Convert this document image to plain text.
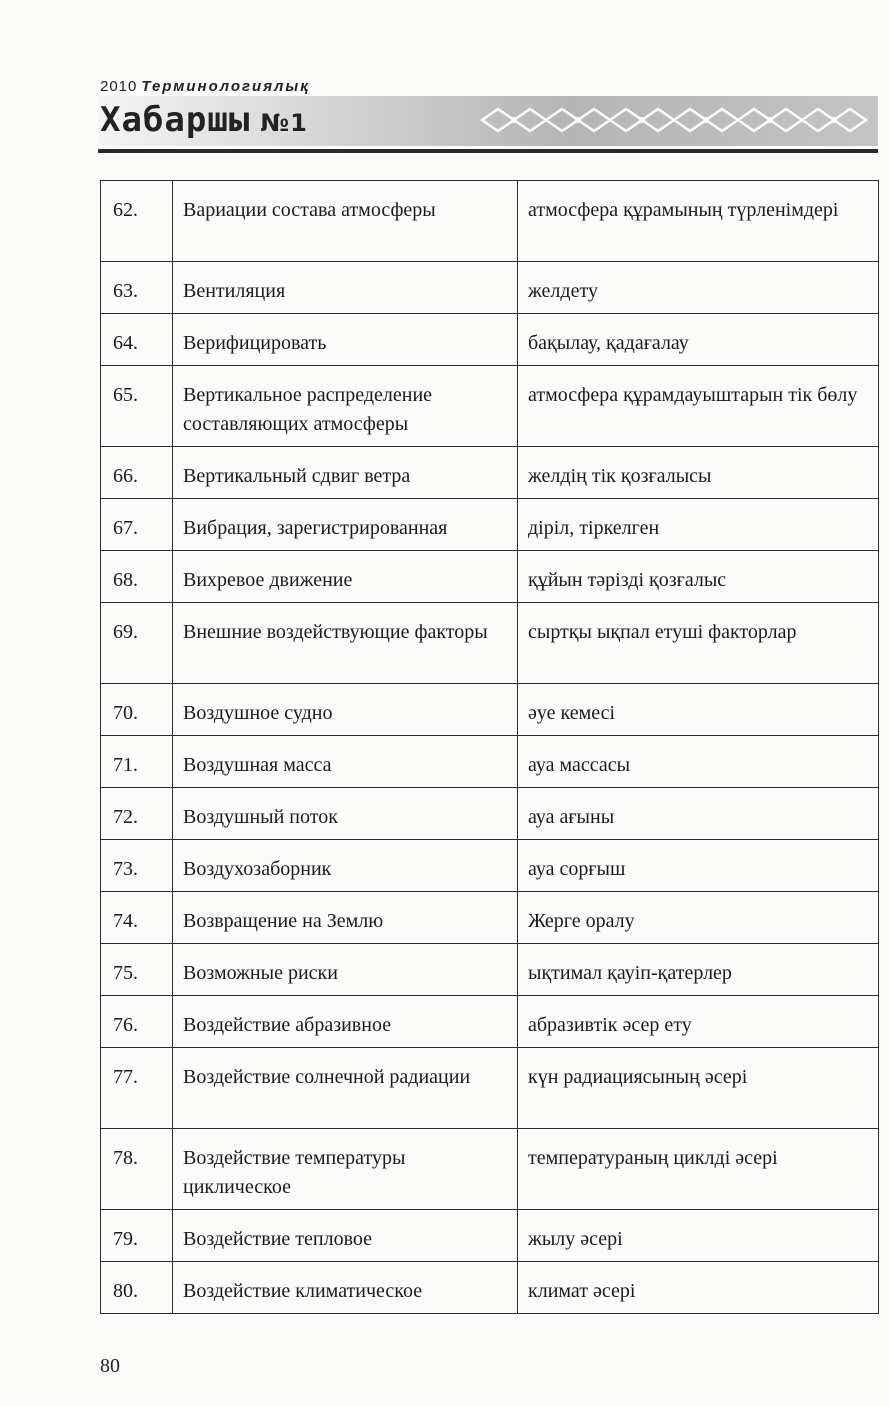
2010 Терминологиялық
Хабаршы №1
62.	Вариации состава атмосферы	атмосфера құрамының түрленімдері
63.	Вентиляция	желдету
64.	Верифицировать	бақылау, қадағалау
65.	Вертикальное распределение составляющих атмосферы	атмосфера құрамдауыштарын тік бөлу
66.	Вертикальный сдвиг ветра	желдің тік қозғалысы
67.	Вибрация, зарегистрированная	діріл, тіркелген
68.	Вихревое движение	құйын тәрізді қозғалыс
69.	Внешние воздействующие факторы	сыртқы ықпал етуші факторлар
70.	Воздушное судно	әуе кемесі
71.	Воздушная масса	ауа массасы
72.	Воздушный поток	ауа ағыны
73.	Воздухозаборник	ауа сорғыш
74.	Возвращение на Землю	Жерге оралу
75.	Возможные риски	ықтимал қауіп-қатерлер
76.	Воздействие абразивное	абразивтік әсер ету
77.	Воздействие солнечной радиации	күн радиациясының әсері
78.	Воздействие температуры циклическое	температураның циклді әсері
79.	Воздействие тепловое	жылу әсері
80.	Воздействие климатическое	климат әсері
80
